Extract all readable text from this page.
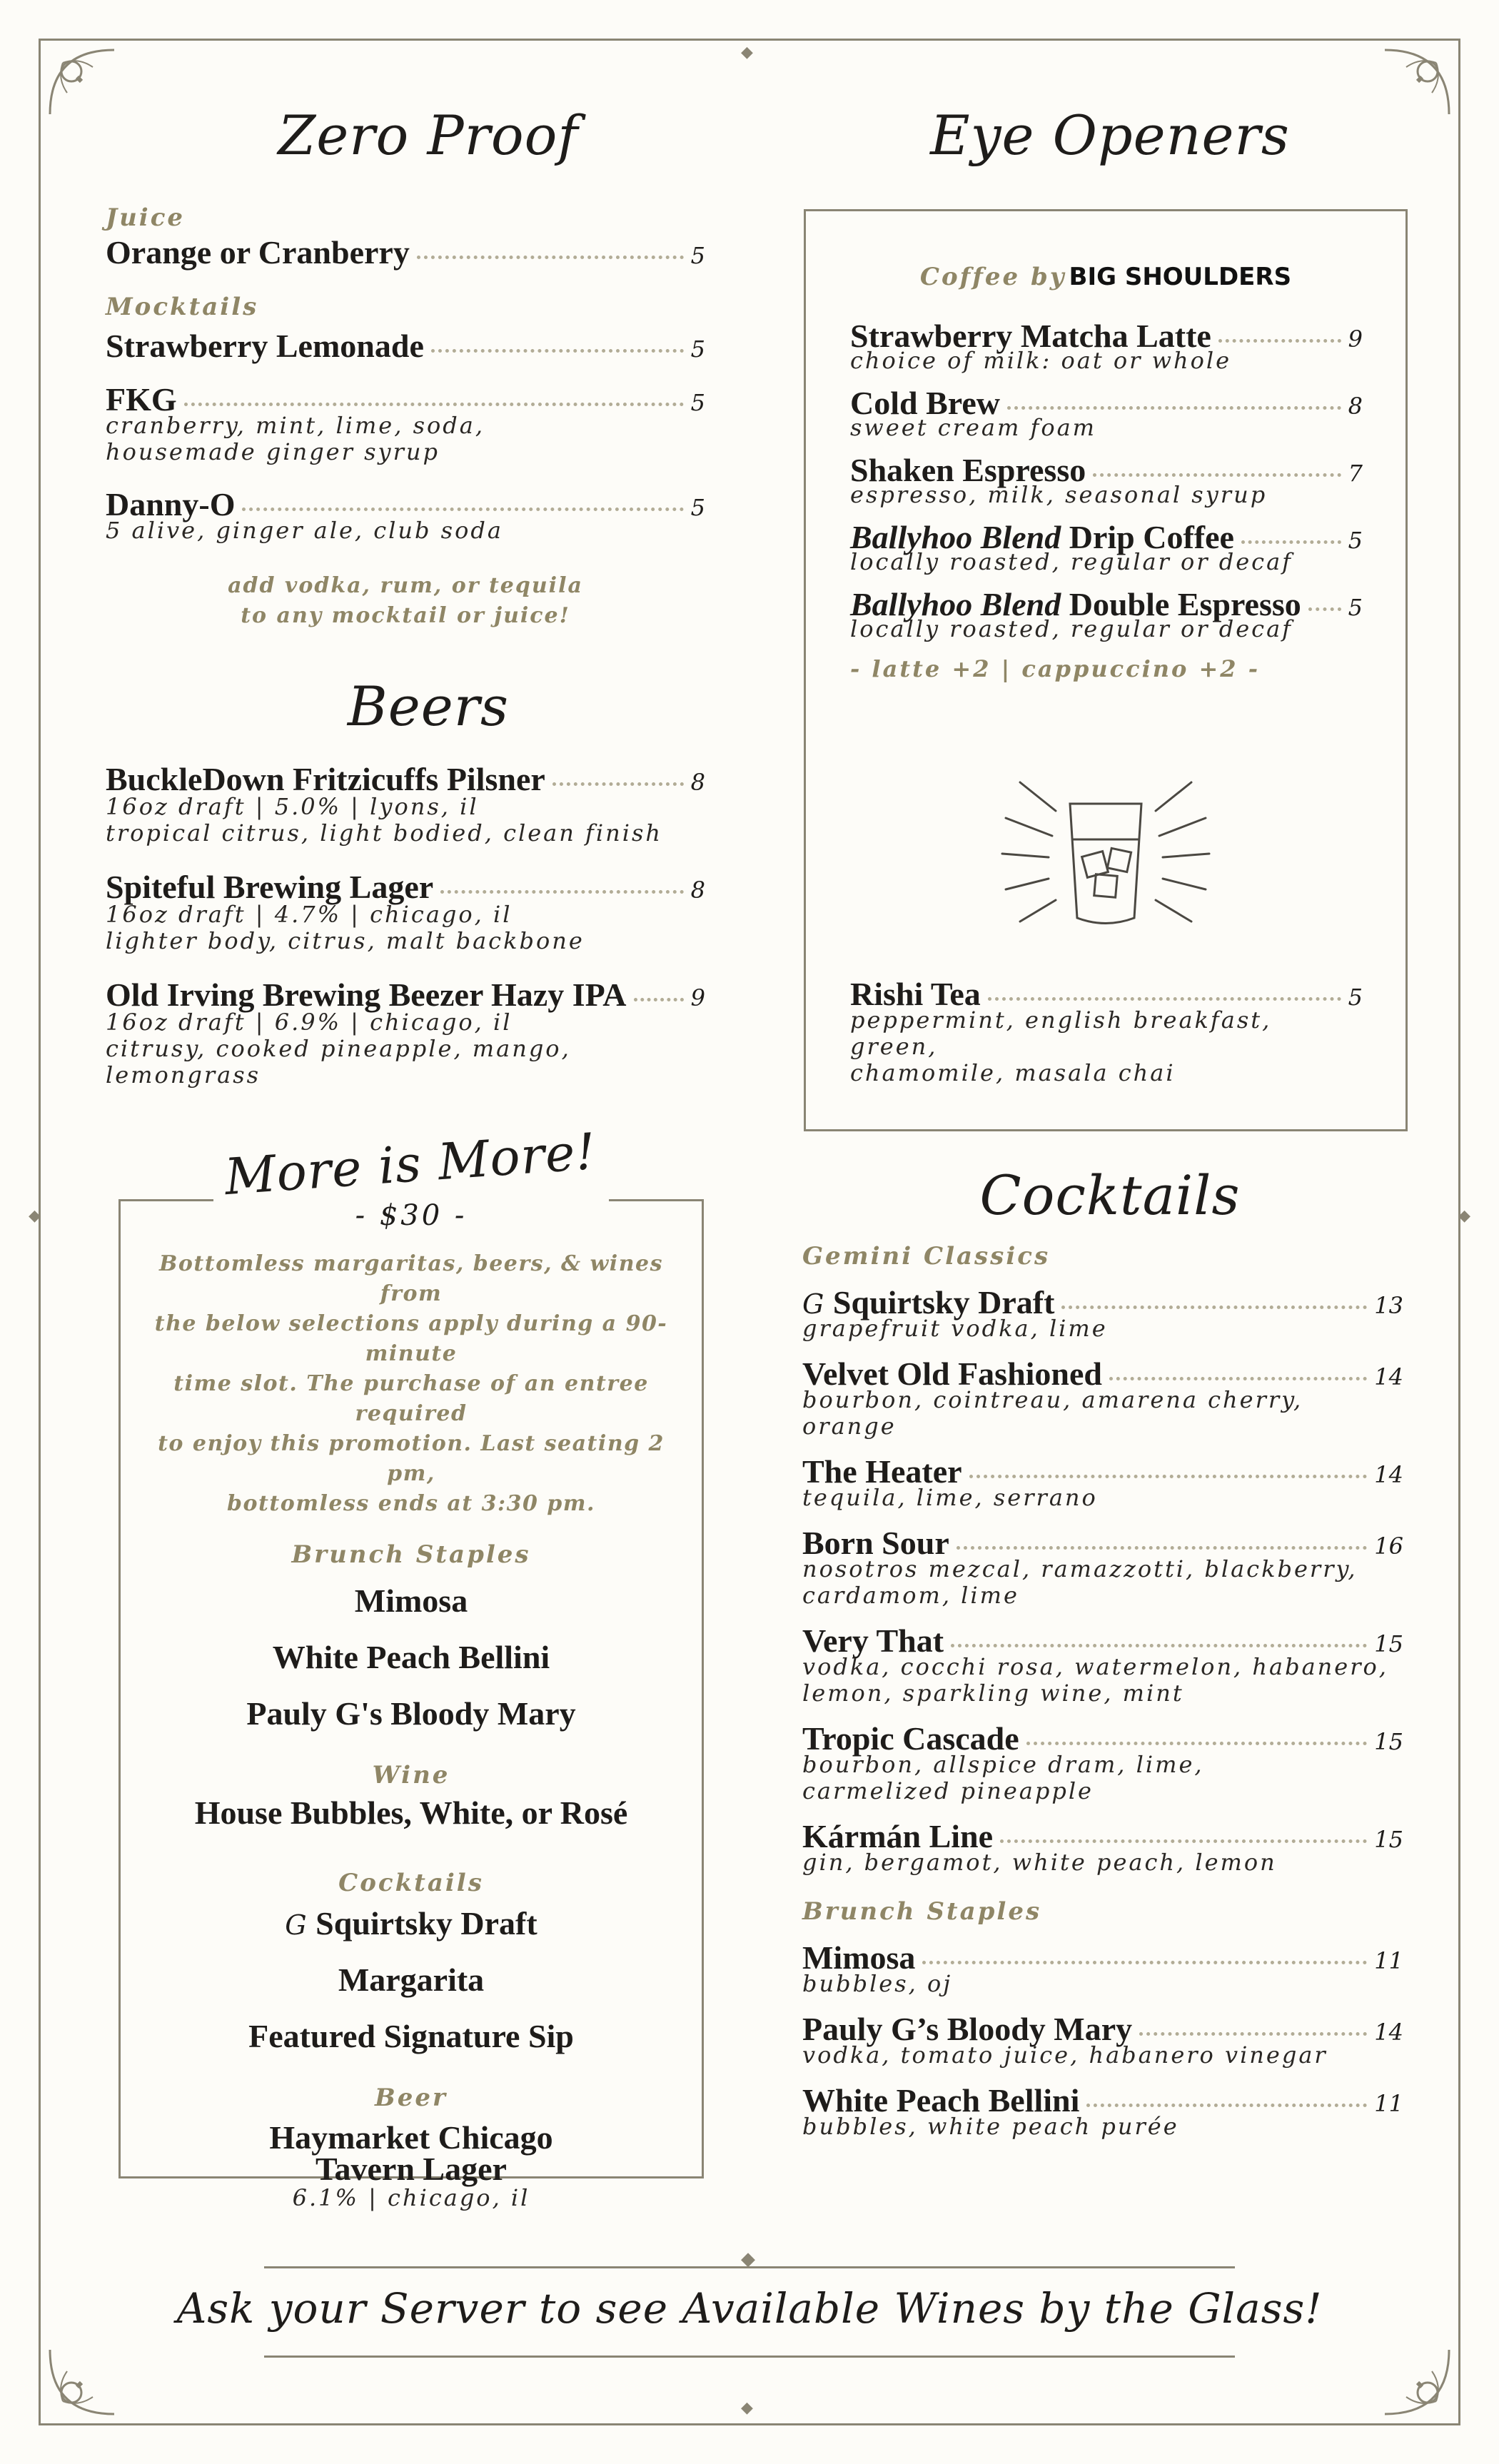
◆	◆
◆
◆
Zero Proof
Juice
Orange or Cranberry	5
Mocktails
Strawberry Lemonade	5
FKG	5
cranberry, mint, lime, soda,
housemade ginger syrup
Danny-O	5
5 alive, ginger ale, club soda
add vodka, rum, or tequila
to any mocktail or juice!
Beers
BuckleDown Fritzicuffs Pilsner	8
16oz draft | 5.0% | lyons, il
tropical citrus, light bodied, clean finish
Spiteful Brewing Lager	8
16oz draft | 4.7% | chicago, il
lighter body, citrus, malt backbone
Old Irving Brewing Beezer Hazy IPA	9
16oz draft | 6.9% | chicago, il
citrusy, cooked pineapple, mango, lemongrass
Eye Openers
Coffee by BIG SHOULDERS
Strawberry Matcha Latte	9
choice of milk: oat or whole
Cold Brew	8
sweet cream foam
Shaken Espresso	7
espresso, milk, seasonal syrup
Ballyhoo Blend Drip Coffee	5
locally roasted, regular or decaf
Ballyhoo Blend Double Espresso 5
locally roasted, regular or decaf
- latte +2 | cappuccino +2 -
Rishi Tea	5
peppermint, english breakfast, green,
chamomile, masala chai
More is More!
- $30 -
Bottomless margaritas, beers, & wines from
the below selections apply during a 90-minute
time slot. The purchase of an entree required
to enjoy this promotion. Last seating 2 pm,
bottomless ends at 3:30 pm.
Brunch Staples
Mimosa
White Peach Bellini
Pauly G's Bloody Mary
Wine
House Bubbles, White, or Rosé
Cocktails
G Squirtsky Draft
Margarita
Featured Signature Sip
Beer
Haymarket Chicago
Tavern Lager
6.1% | chicago, il
Cocktails
Gemini Classics
G Squirtsky Draft	13
grapefruit vodka, lime
Velvet Old Fashioned	14
bourbon, cointreau, amarena cherry, orange
The Heater	14
tequila, lime, serrano
Born Sour	16
nosotros mezcal, ramazzotti, blackberry,
cardamom, lime
Very That	15
vodka, cocchi rosa, watermelon, habanero,
lemon, sparkling wine, mint
Tropic Cascade	15
bourbon, allspice dram, lime,
carmelized pineapple
Kármán Line	15
gin, bergamot, white peach, lemon
Brunch Staples
Mimosa	11
bubbles, oj
Pauly G’s Bloody Mary	14
vodka, tomato juice, habanero vinegar
White Peach Bellini	11
bubbles, white peach purée
◆
Ask your Server to see Available Wines by the Glass!
